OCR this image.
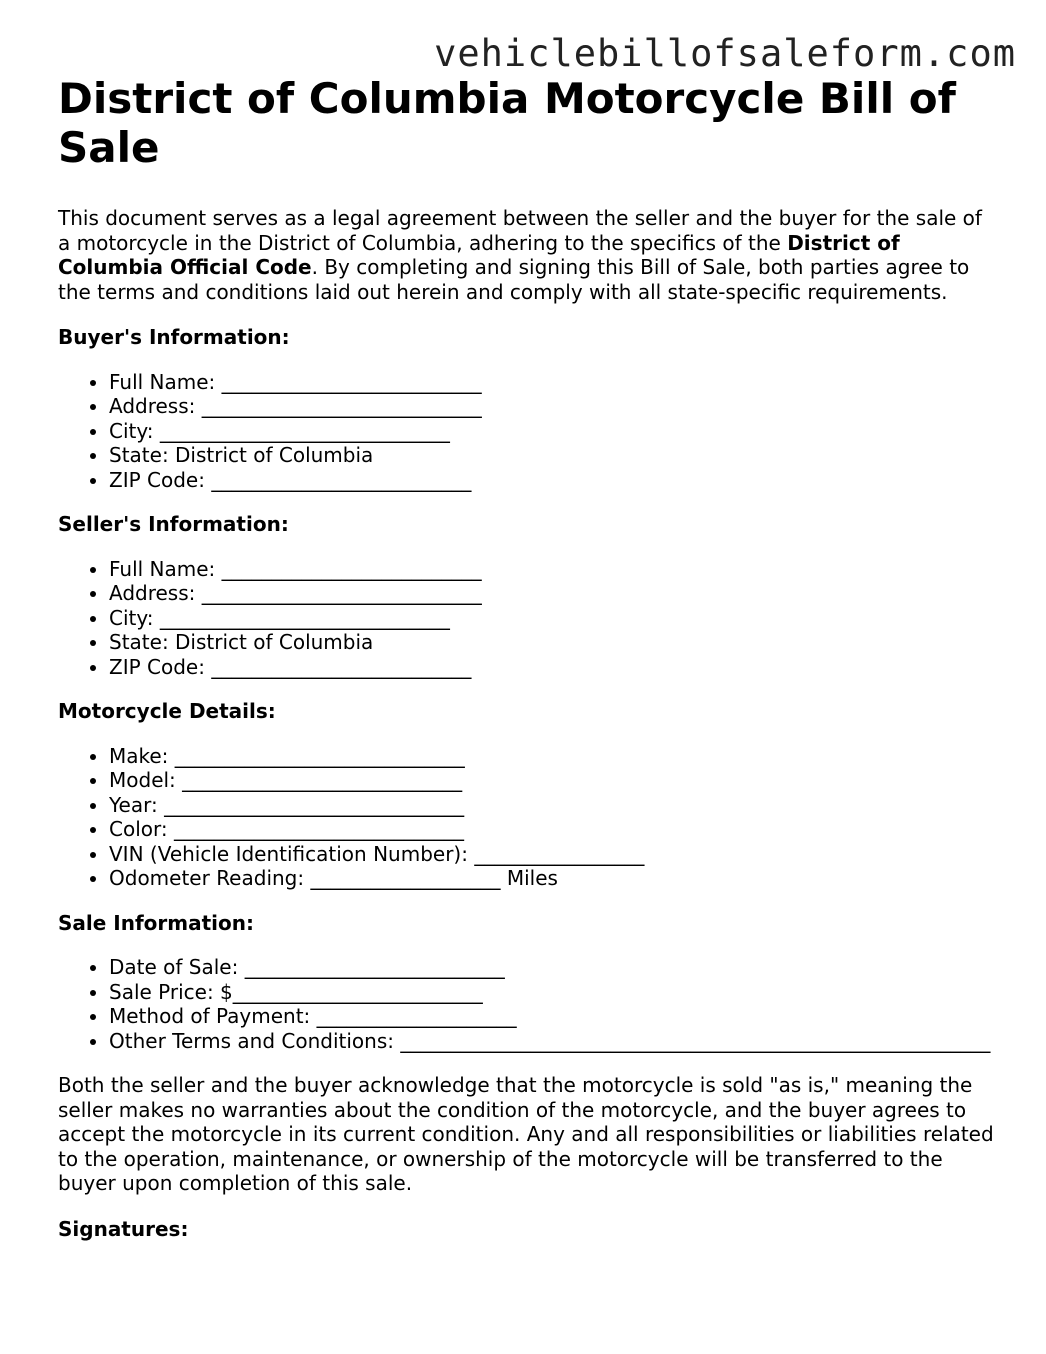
vehiclebillofsaleform.com
District of Columbia Motorcycle Bill of Sale

This document serves as a legal agreement between the seller and the buyer for the sale of a motorcycle in the District of Columbia, adhering to the specifics of the District of Columbia Official Code. By completing and signing this Bill of Sale, both parties agree to the terms and conditions laid out herein and comply with all state-specific requirements.

Buyer's Information:

• Full Name: __________________________
• Address: ____________________________
• City: _____________________________
• State: District of Columbia
• ZIP Code: __________________________

Seller's Information:

• Full Name: __________________________
• Address: ____________________________
• City: _____________________________
• State: District of Columbia
• ZIP Code: __________________________

Motorcycle Details:

• Make: _____________________________
• Model: ____________________________
• Year: ______________________________
• Color: _____________________________
• VIN (Vehicle Identification Number): _________________
• Odometer Reading: ___________________ Miles

Sale Information:

• Date of Sale: __________________________
• Sale Price: $_________________________
• Method of Payment: ____________________
• Other Terms and Conditions: ___________________________________________________________

Both the seller and the buyer acknowledge that the motorcycle is sold "as is," meaning the seller makes no warranties about the condition of the motorcycle, and the buyer agrees to accept the motorcycle in its current condition. Any and all responsibilities or liabilities related to the operation, maintenance, or ownership of the motorcycle will be transferred to the buyer upon completion of this sale.

Signatures:
